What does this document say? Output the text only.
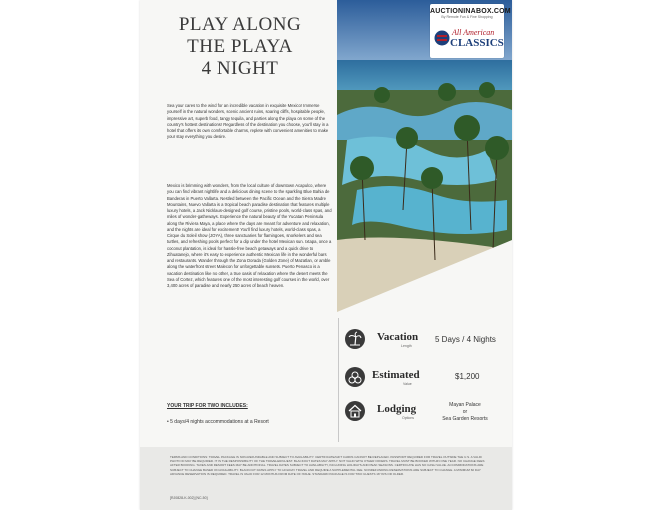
PLAY ALONG
THE PLAYA
4 NIGHT
AUCTIONINABOX.COM
By Remote Fun & Fine Shopping
All American
CLASSICS
Sea your cares to the wind for an incredible vacation in exquisite Mexico! Immerse yourself in the natural wonders, scenic ancient ruins, soaring cliffs, hospitable people, impressive art, superb food, tangy tequila, and parties along the playa on some of the country's hottest destinations! Regardless of the destination you choose, you'll stay in a hotel that offers its own comfortable charms, replete with convenient amenities to make your stay everything you desire.
Mexico is brimming with wonders, from the local culture of downtown Acapulco, where you can find vibrant nightlife and a delicious dining scene to the sparkling Blue Bahia de Banderas in Puerto Vallarta. Nestled between the Pacific Ocean and the Sierra Madre Mountains, Nuevo Vallarta is a tropical beach paradise destination that features multiple luxury hotels, a Jack Nicklaus-designed golf course, pristine pools, world-class spas, and miles of wonder-gatheways. Experience the natural beauty of the Yucatan Peninsula along the Riviera Maya, a place where the days are meant for adventure and relaxation, and the nights are ideal for excitement! You'll find luxury hotels, world-class spas, a Cirque du Soleil show (JOYA), three sanctuaries for flamingoes, snorkelers and sea turtles, and refreshing pools perfect for a dip under the hotel Mexican sun. Ixtapa, once a coconut plantation, is ideal for hassle-free beach getaways and a quick drive to Zihuatanejo, where it's easy to experience authentic Mexican life in the wonderful bars and restaurants. Wander through the Zona Dorada (Golden Zone) of Mazatlan, or amble along the waterfront street Malecon for unforgettable sunsets. Puerto Penasco is a vacation destination like no other, a true oasis of relaxation where the desert meets the Sea of Cortez, which features one of the most interesting golf courses in the world, over 3,400 acres of paradise and nearly 250 acres of beach heaven.
YOUR TRIP FOR TWO INCLUDES:
• 5 days/4 nights accommodations at a Resort
Vacation
Length
5 Days / 4 Nights
Estimated
Value
$1,200
Lodging
Options
Mayan Palace
or
Sea Garden Resorts
TERMS AND CONDITIONS: TRAVEL PACKAGE IS NON-REFUNDABLE AND SUBJECT TO AVAILABILITY. CERTIFICATE/GIFT CARDS CANNOT BE REPLACED. PASSPORT REQUIRED FOR TRAVEL OUTSIDE THE U.S. A VALID PHOTO ID MAY BE REQUIRED. IT IS THE RESPONSIBILITY OF THE TRAVELER/GUEST. BLACKOUT DATES MAY APPLY. NOT VALID WITH OTHER OFFERS. TRAVEL MUST BE BOOKED WITHIN ONE YEAR. NO CHANGE FEES AFTER BOOKING. TAXES AND RESORT FEES MAY BE ADDITIONAL. TRAVEL DATES SUBJECT TO AVAILABILITY, INCLUDING HOLIDAYS AND PEAK SEASONS. CERTIFICATE HAS NO CASH VALUE. ACCOMMODATIONS ARE SUBJECT TO CHANGE BASED ON AVAILABILITY. BLACKOUT DATES APPLY TO HOLIDAY TRAVEL AND REQUIRE A SUPPLEMENTAL FEE. NONREFUNDING RESERVATIONS ARE SUBJECT TO CHANGE. A MINIMUM 60 DAY ADVANCE RESERVATION IS REQUIRED. TRAVEL IS VALID FOR 12 MONTHS FROM DATE OF ISSUE. STANDARD PACKAGE IS FOR TWO GUESTS 18 YRS OR OLDER.
[RJ0828-K-002] [NC-50]
